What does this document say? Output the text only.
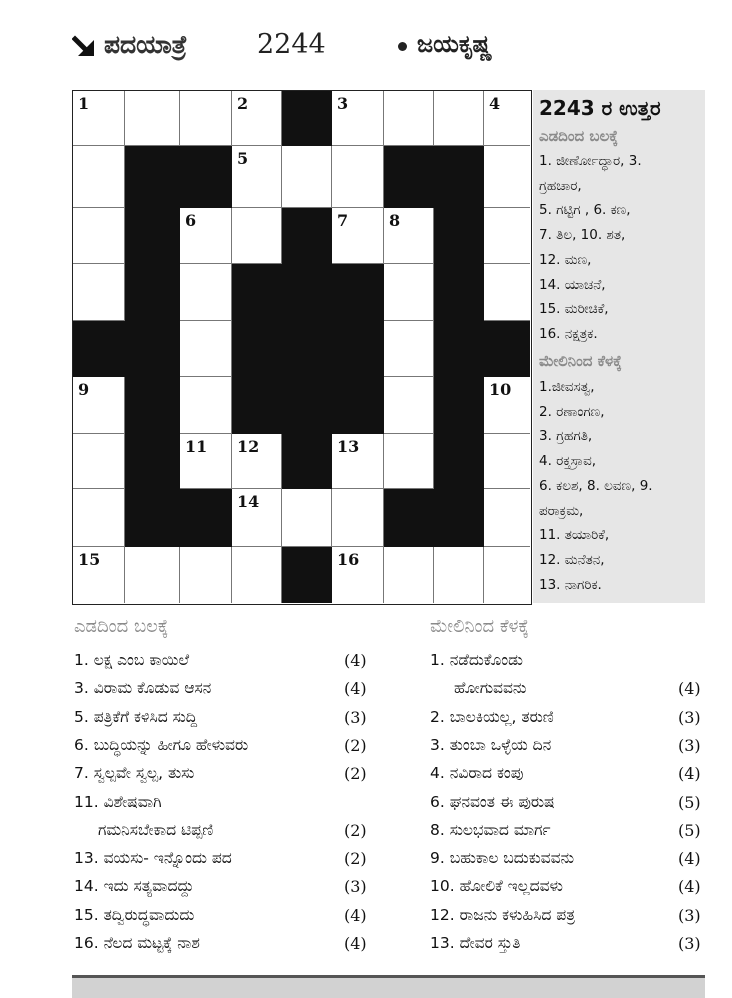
ಪದಯಾತ್ರೆ	2244	ಜಯಕೃಷ್ಣ
1	2	3	4
5
6	7	8
9	10
11 12	13
14
15	16
2243 ರ ಉತ್ತರ
ಎಡದಿಂದ ಬಲಕ್ಕೆ
1. ಜೀರ್ಣೋದ್ಧಾರ, 3.
ಗ್ರಹಚಾರ,
5. ಗಟ್ಟಿಗ , 6. ಕಣ,
7. ತಿಲ, 10. ಶತ,
12. ಮಣ,
14. ಯಾಚನೆ,
15. ಮರೀಚಿಕೆ,
16. ನಕ್ಷತ್ರಕ.
ಮೇಲಿನಿಂದ ಕೆಳಕ್ಕೆ
1.ಜೀವಸತ್ವ,
2. ರಣಾಂಗಣ,
3. ಗ್ರಹಗತಿ,
4. ರಕ್ತಸ್ರಾವ,
6. ಕಲಶ, 8. ಲವಣ, 9.
ಪರಾಕ್ರಮ,
11. ತಯಾರಿಕೆ,
12. ಮನೆತನ,
13. ನಾಗರಿಕ.
ಎಡದಿಂದ ಬಲಕ್ಕೆ	ಮೇಲಿನಿಂದ ಕೆಳಕ್ಕೆ
1. ಲಕ್ಷ ಎಂಬ ಕಾಯಿಲೆ	(4)
3. ವಿರಾಮ ಕೊಡುವ ಆಸನ	(4)
5. ಪತ್ರಿಕೆಗೆ ಕಳಿಸಿದ ಸುದ್ದಿ	(3)
6. ಬುದ್ಧಿಯನ್ನು ಹೀಗೂ ಹೇಳುವರು	(2)
7. ಸ್ವಲ್ಪವೇ ಸ್ವಲ್ಪ, ತುಸು	(2)
11. ವಿಶೇಷವಾಗಿ
ಗಮನಿಸಬೇಕಾದ ಟಿಪ್ಪಣಿ	(2)
13. ವಯಸು- ಇನ್ನೊಂದು ಪದ	(2)
14. ಇದು ಸತ್ಯವಾದದ್ದು	(3)
15. ತದ್ವಿರುದ್ಧವಾದುದು	(4)
16. ನೆಲದ ಮಟ್ಟಕ್ಕೆ ನಾಶ	(4)
1. ನಡೆದುಕೊಂಡು
ಹೋಗುವವನು	(4)
2. ಬಾಲಕಿಯಲ್ಲ, ತರುಣಿ	(3)
3. ತುಂಬಾ ಒಳ್ಳೆಯ ದಿನ	(3)
4. ನವಿರಾದ ಕಂಪು	(4)
6. ಘನವಂತ ಈ ಪುರುಷ	(5)
8. ಸುಲಭವಾದ ಮಾರ್ಗ	(5)
9. ಬಹುಕಾಲ ಬದುಕುವವನು	(4)
10. ಹೋಲಿಕೆ ಇಲ್ಲದವಳು	(4)
12. ರಾಜನು ಕಳುಹಿಸಿದ ಪತ್ರ	(3)
13. ದೇವರ ಸ್ತುತಿ	(3)
